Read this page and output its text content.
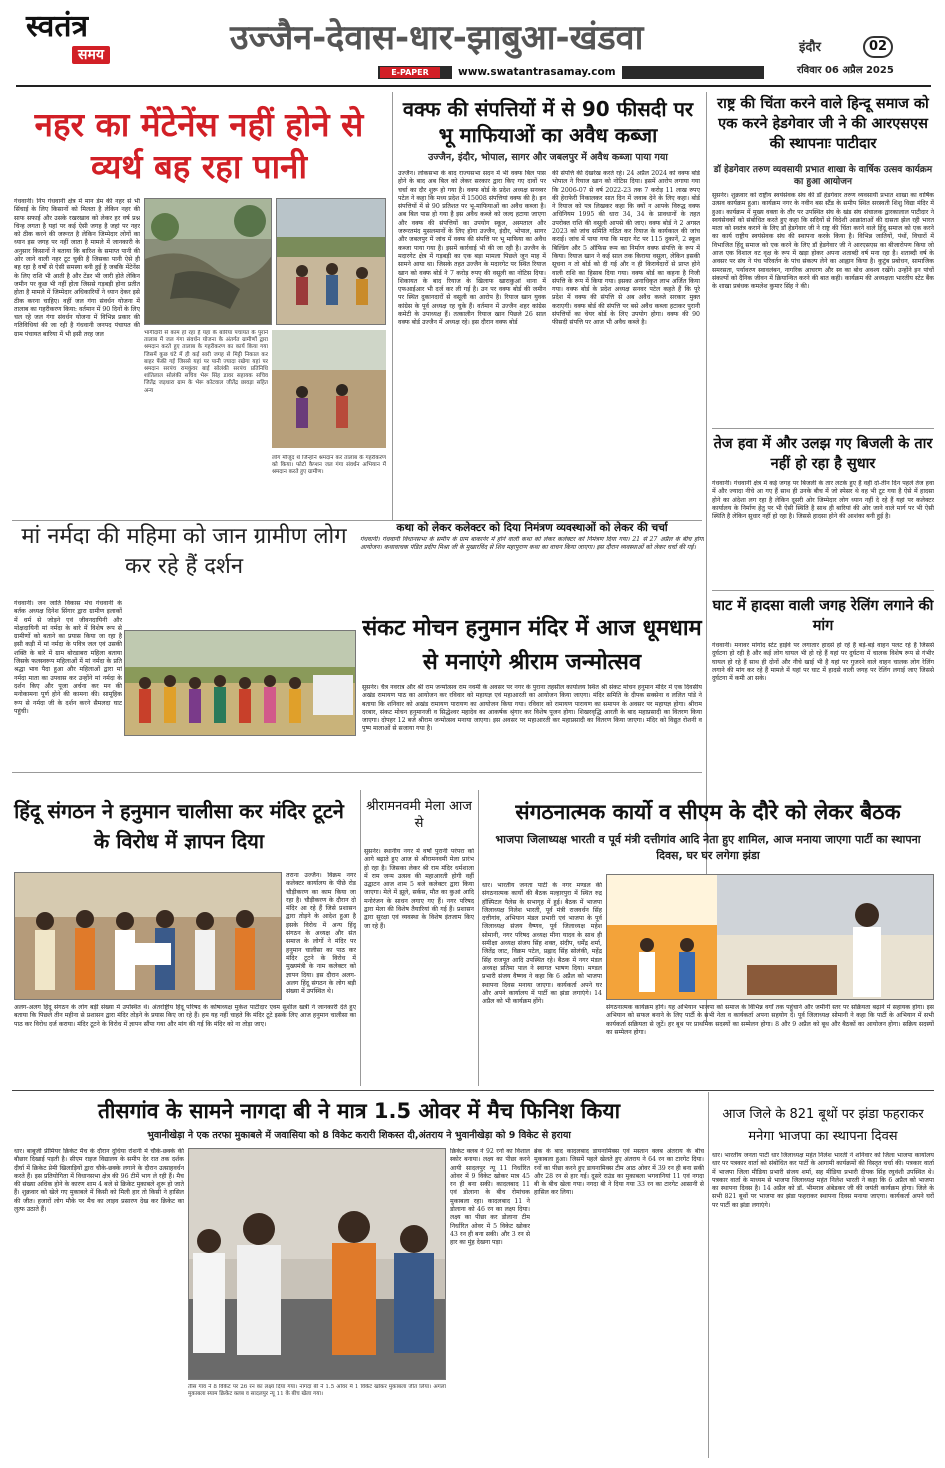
स्वतंत्र
समय	उज्जैन-देवास-धार-झाबुआ-खंडवा
E-PAPER	www.swatantrasamay.com
इंदौर	02
रविवार 06 अप्रैल 2025
नहर का मेंटेनेंस नहीं होने से व्यर्थ बह रहा पानी
गंधवानी। निप गंधवानी क्षेत्र में मान डेम की नहर से भी सिंचाई के लिए किसानों को मिलता है लेकिन नहर की साफ सफाई और उसके रखरखाव को लेकर हर वर्ष प्रश्न चिन्ह लगता है यहां पर कई ऐसी जगह है जहां पर नहर को ठीक करने की जरूरत है लेकिन जिम्मेदार लोगों का ध्यान इस जगह पर नहीं जाता है मामले में जानकारी के अनुसार किसानों ने बताया कि बारिश के समाप्त पानी की ओर जाने वाली नहर टूट चुकी है जिसका पानी ऐसे ही बह रहा है वर्षों से ऐसी समस्या बनी हुई है जबकि मेंटेनेंस के लिए राशि भी आती है और टेंडर भी जारी होते लेकिन जमीन पर कुछ भी नहीं होता जिससे गड़बड़ी होना प्रतीत होता है मामले में जिम्मेदार अधिकारियों ने ध्यान देकर इसे ठीक करना चाहिए। वहीं जल गंगा संवर्धन योजना में तालाब का गहरीकरण किया: वर्तमान में 90 दिनों के लिए चल रहे जल गंगा संवर्धन योजना में विभिन्न प्रकार की गतिविधियां की जा रही है गंधवानी जनपद पंचायत की ग्राम पंचायत बारिया में भी इसी तरह जल	भागीदारी से काम हो रहा है यहां के बारिया पंचायत के पुराने तालाब में जल गंगा संवर्धन योजना के अंतर्गत ग्रामीणों द्वारा श्रमदान करते हुए तालाब के गहरीकरण का कार्य किया गया जिसमें कुछ घंटे में ही कई सारी जगह से मिट्टी निकाल कर बाहर फेंकी गई जिससे यहां पर पानी ज्यादा रखेगा यहां पर श्रमदान सरपंच रामकुंवर बाई सोलंकी सरपंच प्रतिनिधि शांतिलाल सोलंकी सचिव भेरू सिंह डावर सहायक सचिव जितेंद्र जड़धारा ग्राम के भेरू कोटवाल जीतेंद्र छावड़ा सहित अन्य
लोग मौजूद थे जिन्होंने श्रमदान कर तालाब के गहरीकरण को किया। फोटो कैप्शन जल गंगा संवर्धन अभियान में श्रमदान करते हुए ग्रामीण।
वक्फ की संपत्तियों में से 90 फीसदी पर भू माफियाओं का अवैध कब्जा
उज्जैन, इंदौर, भोपाल, सागर और जबलपुर में अवैध कब्जा पाया गया
उज्जैन। लोकसभा के बाद राज्यसभा सदन में भी वक्फ बिल पास होने के बाद अब बिल को लेकर सरकार द्वारा किए गए दावों पर चर्चा का दौर शुरू हो गया है। वक्फ बोर्ड के प्रदेश अध्यक्ष सनव्वर पटेल ने कहा कि मध्य प्रदेश में 15008 संपत्तियां वक्फ की है। इन संपत्तियों में से 90 प्रतिशत पर भू-माफियाओं का अवैध कब्जा है। अब बिल पास हो गया है इस अवैध कब्जे को जल्द हटाया जाएगा और वक्फ की संपत्तियों का उपयोग स्कूल, अस्पताल और जरूरतमंद मुसलमानों के लिए होगा उज्जैन, इंदौर, भोपाल, सागर और जबलपुर में जांच में वक्फ की संपत्ति पर भू माफिया का अवैध कब्जा पाया गया है। इसमें कार्रवाई भी की जा रही है। उज्जैन के मदारगेट क्षेत्र में गड़बड़ी का एक बड़ा मामला पिछले जून माह में सामने आया था। जिसके तहत उज्जैन के मदारगेट पर स्थित रियाज खान को वक्फ बोर्ड ने 7 करोड़ रुपए की वसूली का नोटिस दिया। शिकायत के बाद रियाज के खिलाफ खाराकुआं थाना में एफआईआर भी दर्ज कर ली गई है। उन पर वक्फ बोर्ड की जमीन पर स्थित दुकानदारों से वसूली का आरोप है। रियाज खान युवक कांग्रेस के पूर्व अध्यक्ष रह चुके हैं। वर्तमान में उज्जैन शहर कांग्रेस कमेटी के उपाध्यक्ष हैं। तत्कालीन रियाज खान पिछले 26 साल वक्फ बोर्ड उज्जैन में अध्यक्ष रहे। इस दौरान वक्फ बोर्ड
की संपत्ति की देखरेख करते रहे। 24 अप्रैल 2024 को वक्फ बोर्ड भोपाल ने रियाज खान को नोटिस दिया। इसमें आरोप लगाया गया कि 2006-07 से वर्ष 2022-23 तक 7 करोड़ 11 लाख रुपए की हेराफेरी निकालकर सात दिन में जवाब देने के लिए कहा। बोर्ड ने रियाज को पत्र लिखकर कहा कि क्यों न आपके विरुद्ध वक्फ अधिनियम 1995 की धारा 34, 34 के प्रावधानों के तहत उपरोक्त राशि की वसूली आपसे की जाए। वक्फ बोर्ड ने 2 अगस्त 2023 को जांच समिति गठित कर रियाज के कार्यकाल की जांच कराई। जांच में पाया गया कि मदार गेट पर 115 दुकानें, 2 स्कूल बिल्डिंग और 5 ऑफिस रूम का निर्माण वक्फ संपत्ति के रूप में किया। रियाज खान ने कई साल तक किराया वसूला, लेकिन इसकी सूचना न तो बोर्ड को दी गई और न ही किरायेदारों से प्राप्त होने वाली राशि का हिसाब दिया गया। वक्फ बोर्ड का कहना है निजी संपत्ति के रूप में किया गया। इसका अनाधिकृत लाभ अर्जित किया गया। वक्फ बोर्ड के प्रदेश अध्यक्ष सनवर पटेल कहते हैं कि पूरे प्रदेश में वक्फ की संपत्ति से अब अवैध कब्जे सरकार मुक्त कराएगी। वक्फ बोर्ड की संपत्ति पर बसे अवैध कब्जा हटाकर पुरानी संपत्तियों का चेयर बोर्ड के लिए उपयोग होगा। वक्फ की 90 फीसदी संपत्ति पर आज भी अवैध कब्जे है।
राष्ट्र की चिंता करने वाले हिन्दू समाज को एक करने हेडगेवार जी ने की आरएसएस की स्थापनाः पाटीदार
डॉ हेडगेवार तरुण व्यवसायी प्रभात शाखा के वार्षिक उत्सव कार्यक्रम का हुआ आयोजन
सुसनेर। शुक्रवार को राष्ट्रीय स्वयंसेवक संघ की डॉ हेडगेवार तरुण व्यवसायी प्रभात शाखा का वार्षिक उत्सव कार्यक्रम हुआ। कार्यक्रम नगर के नवीन बस स्टैंड के समीप स्थित सरस्वती शिशु विद्या मंदिर में हुआ। कार्यक्रम में मुख्य वक्ता के तौर पर उपस्थित संघ के खंड संघ संचालक द्वारकालाल पाटीदार ने स्वयंसेवकों को संबोधित करते हुए कहा कि सदियों से विदेशी आक्रांताओं की दासता झेल रही भारत माता को स्वतंत्र कराने के लिए डॉ हेडगेवार जी ने राष्ट्र की चिंता करने वाले हिंदू समाज को एक करने का कार्य राष्ट्रीय स्वयंसेवक संघ की स्थापना करके किया है। विभिन्न जातियों, पंथों, विचारों में विभाजित हिंदू समाज को एक करने के लिए डॉ हेडगेवार जी ने आरएसएस का बीजारोपण किया जो आज एक विशाल वट वृक्ष के रूप में खड़ा होकर अपना शताब्दी वर्ष मना रहा है। शताब्दी वर्ष के अवसर पर संघ ने पंच परिवर्तन के पांच संकल्प लेने का आह्वान किया है। कुटुंब प्रबोधन, सामाजिक समरसता, पर्यावरण स्वावलंबन, नागरिक आचरण और स्व का बोध अवश्य रखेंगे। उन्होंने इन पांचों संकल्पों को दैनिक जीवन में क्रियान्वित करने की बात कही। कार्यक्रम की अध्यक्षता भारतीय स्टेट बैंक के शाखा प्रबंधक कमलेश कुमार सिंह ने की।
तेज हवा में और उलझ गए बिजली के तार नहीं हो रहा है सुधार
गंधवानी। गंधवानी क्षेत्र में कई जगह पर बिजली के तार लटके हुए हैं वहीं दो-तीन दिन पहले तेज हवा में और ज्यादा नीचे आ गए हैं साथ ही उनके बीच में जो स्पेसर थे वह भी टूट गया है ऐसे में हादसा होने का अंदेशा लग रहा है लेकिन दूसरी ओर जिम्मेदार लोग ध्यान नहीं दे रहे हैं यहां पर कलेक्टर कार्यालय के निर्माण हेतु पर भी ऐसी स्थिति है साथ ही बारियां की ओर जाने वाले मार्ग पर भी ऐसी स्थिति है लेकिन सुधार नहीं हो रहा है। जिससे हादसा होने की आशंका बनी हुई है।
घाट में हादसा वाली जगह रेलिंग लगाने की मांग
गंधवानी। मनावर मांगोद स्टेट हाईवे पर लगातार हादसे हो रहे हैं बड़े-बड़े वाहन पलट रहे हैं जिससे दुर्घटना हो रही है और कई लोग घायल भी हो रहे हैं यहां पर दुर्घटना में चालक विशेष रूप से गंभीर घायल हो रहे हैं साथ ही दोनों और नीचे खाई भी है यहां पर गुजरने वाले वाहन चालक लोग रेलिंग लगाने की मांग कर रहे हैं मामले में यहां पर घाट में हादसे वाली जगह पर रेलिंग लगाई जाए जिससे दुर्घटना में कमी आ सके।
कथा को लेकर कलेक्टर को दिया निमंत्रण व्यवस्थाओं को लेकर की चर्चा
गंधवानी। गंधवानी विधानसभा के समीप के ग्राम बाकानेर में होने वाली कथा को लेकर कलेक्टर को निमंत्रण दिया गया। 21 से 27 अप्रैल के बीच होगा आयोजन। कथावाचक पंडित प्रदीप मिश्रा जी के मुखारविंद से शिव महापुराण कथा का वाचन किया जाएगा। इस दौरान व्यवस्थाओं को लेकर चर्चा की गई।
मां नर्मदा की महिमा को जान ग्रामीण लोग कर रहे हैं दर्शन
गंधवानी। जन जाति विकास मंच गंधवानी के बर्तक अध्यक्ष दिनेश सिंगार द्वारा ग्रामीण इलाकों में धर्म से जोड़ने एवं जीवनदायिनी और मोक्षदायिनी मां नर्मदा के बारे में विशेष रूप से ग्रामीणों को बताने का प्रयास किया जा रहा है इसी कड़ी में मां नर्मदा के पवित्र जल एवं उसकी शक्ति के बारे में ग्राम बोरडाबरा महिला बताया जिसके फलस्वरूप महिलाओं में मां नर्मदा के प्रति श्रद्धा भाव पैदा हुआ और महिलाओं द्वारा मां नर्मदा माता का उपवास कर उन्होंने मां नर्मदा के दर्शन किए और पूजा अर्चना कर मन की मनोकामना पूर्ण होने की कामना की। सामूहिक रूप से नर्मदा जी के दर्शन करने सैमलदा घाट पहुंची।
संकट मोचन हनुमान मंदिर में आज धूमधाम से मनाएंगे श्रीराम जन्मोत्सव
सुसनेर। चैत्र नवरात्र और श्री राम जन्मोत्सव राम नवमी के अवसर पर नगर के पुराना तहसील कार्यालय स्थित श्री संकट मोचन हनुमान मंदिर में एक दिवसीय अखंड रामायण पाठ का आयोजन कर रविवार को महायज्ञ एवं महाआरती का आयोजन किया जाएगा। मंदिर समिति के दीपक सक्सेना व ललित पांडे ने बताया कि शनिवार को अखंड रामायण पारायण का आयोजन किया गया। रविवार को रामायण पारायण का समापन के अवसर पर महायज्ञ होगा। श्रीराम दरबार, संकट मोचन हनुमानजी व सिद्धेश्वर महादेव का आकर्षक श्रृंगार कर विशेष पूजन होगा। शिखरवृद्धि आरती के बाद महाप्रसादी का वितरण किया जाएगा। दोपहर 12 बजे श्रीराम जन्मोत्सव मनाया जाएगा। इस अवसर पर महाआरती कर महाप्रसादी का वितरण किया जाएगा। मंदिर को विद्युत रोशनी व पुष्प मालाओं से सजाया गया है।
हिंदू संगठन ने हनुमान चालीसा कर मंदिर टूटने के विरोध में ज्ञापन दिया
तराना उज्जैन। विक्रम नगर कलेक्टर कार्यालय के पीछे रोड चौड़ीकरण का काम किया जा रहा है। चौड़ीकरण के दौरान दो मंदिर आ रहे हैं जिसे प्रशासन द्वारा तोड़ने के आदेश हुआ है इसके विरोध में अन्य हिंदू संगठन के अध्यक्ष और संत समाज के लोगों ने मंदिर पर हनुमान चालीसा का पाठ कर मंदिर टूटने के विरोध में मुख्यमंत्री के नाम कलेक्टर को ज्ञापन दिया। इस दौरान अलग-अलग हिंदू संगठन के लोग बड़ी संख्या में उपस्थित थे।
अलग-अलग हिंदू संगठन के लोग बड़ी संख्या में उपस्थित थे। अंतर्राष्ट्रीय हिंदू परिषद के कोषाध्यक्ष मुकेश पाटीदार एवम सुशील खत्री ने जानकारी देते हुए बताया कि पिछले तीन महीना से प्रशासन द्वारा मंदिर तोड़ने के प्रयास किए जा रहे हैं। हम यह नहीं चाहते कि मंदिर टूटे इसके लिए आज हनुमान चालीसा का पाठ कर विरोध दर्ज कराया। मंदिर टूटने के विरोध में ज्ञापन सौंपा गया और मांग की गई कि मंदिर को ना तोड़ा जाए।
श्रीरामनवमी मेला आज से
सुसनेर। स्थानीय नगर में वर्षों पुरानी परंपरा को आगे बढ़ाते हुए आज से श्रीरामनवमी मेला प्रारंभ हो रहा है। जिसका लेकर श्री राम मंदिर धर्मशाला में राम जन्म उत्सव की महाआरती होगी वहीं उद्घाटन आज शाम 5 बजे कलेक्टर द्वारा किया जाएगा। मेले में झूले, सर्कस, मौत का कुआं आदि मनोरंजन के साधन लगाए गए हैं। नगर परिषद द्वारा मेला की विशेष तैयारियां की गई हैं। प्रशासन द्वारा सुरक्षा एवं व्यवस्था के विशेष इंतजाम किए जा रहे हैं।
संगठनात्मक कार्यो व सीएम के दौरे को लेकर बैठक
भाजपा जिलाध्यक्ष भारती व पूर्व मंत्री दत्तीगांव आदि नेता हुए शामिल, आज मनाया जाएगा पार्टी का स्थापना दिवस, घर घर लगेगा झंडा
धार। भारतीय जनता पार्टी के नगर मण्डल की संगठनात्मक कार्यों की बैठक मल्हारपुरा में स्थित रुद्र हॉस्पिटल पैलेस के सभागृह में हुई। बैठक में भाजपा जिलाध्यक्ष निलेश भारती, पूर्व मंत्री राजवर्धन सिंह दत्तीगांव, अभियान मंडल प्रभारी एवं भाजपा के पूर्व जिलाध्यक्ष संजय वैष्णव, पूर्व जिलाध्यक्ष महेश सोमानी, नगर परिषद अध्यक्ष मीना यादव के साथ ही समीक्षा अध्यक्ष संजय सिंह शक्त, संदीप, धर्मेंद्र शर्मा, जितेंद्र जाट, विक्रम पटेल, प्रह्लाद सिंह सोलंकी, महेंद्र सिंह राजपूत आदि उपस्थित रहे। बैठक में नगर मंडल अध्यक्ष प्रतिमा पाल ने स्वागत भाषण दिया। मण्डल प्रभारी संजय वैष्णव ने कहा कि 6 अप्रैल को भाजपा स्थापना दिवस मनाया जाएगा। कार्यकर्ता अपने घर और अपने कार्यालय में पार्टी का झंडा लगाएंगे। 14 अप्रैल को भी कार्यक्रम होंगे।
संगठनात्मक कार्यक्रम होंगे। यह अभियान भाजपा को समाज के विभिन्न वर्गों तक पहुंचाने और जमीनी स्तर पर सक्रियता बढ़ाने में सहायक होगा। इस अभियान को सफल बनाने के लिए पार्टी के सभी नेता व कार्यकर्ता अपना सहयोग दें। पूर्व जिलाध्यक्ष सोमानी ने कहा कि पार्टी के अभियान में सभी कार्यकर्ता सक्रियता से जुटें। हर बूथ पर प्राथमिक सदस्यों का सम्मेलन होगा। 8 और 9 अप्रैल को बूथ और बैठकों का आयोजन होगा। सक्रिय सदस्यों का सम्मेलन होगा।
तीसगांव के सामने नागदा बी ने मात्र 1.5 ओवर में मैच फिनिश किया
भुवानीखेड़ा ने एक तरफा मुकाबले में जवासिया को 8 विकेट करारी शिकस्त दी,अंतराय ने भुवानीखेड़ा को 9 विकेट से हराया
धार। बाबूजी प्रीमियर क्रिकेट मैच के दौरान दुधिया रोशनी में चौके-छक्के की बौछार दिखाई पड़ती है। सीएम राइज विद्यालय के समीप देर रात तक दर्शक दीर्घा में क्रिकेट प्रेमी खिलाड़ियों द्वारा चौके-छक्के लगाने के दौरान उत्साहवर्धन करते हैं। इस प्रतियोगिता में विधानसभा क्षेत्र की 96 टीमें भाग ले रही हैं। मैच की संख्या अधिक होने के कारण शाम 4 बजे से क्रिकेट मुकाबले शुरू हो जाते हैं। शुक्रवार को खेले गए मुकाबले में किसी को मिली हार तो किसी ने हासिल की जीत। हजारों लोग मौके पर मैच का लाइव प्रसारण देख कर क्रिकेट का लुत्फ उठाते हैं।
तीस गांव ने 8 विकेट पर 26 रन का लक्ष्य दिया गया। नागदा बी ने 1.5 ओवर में 1 विकेट खोकर मुकाबला जीत लिया। अगला मुकाबला स्याम क्रिकेट क्लब व सादलपुर न्यू 11 के बीच खेला गया।
क्रिकेट क्लब ने 92 रनों का विशाल स्कोर बनाया। लक्ष्य का पीछा करने आयी सादलपुर न्यू 11 निर्धारित ओवर में 9 विकेट खोकर मात्र 45 रन ही बना सकी। कादलबाद 11 एवं डोलाना के बीच रोमांचक मुकाबला रहा। कादलबाद 11 ने डोलाना को 46 रन का लक्ष्य दिया। लक्ष्य का पीछा कर डोलाना टीम निर्धारित ओवर में 5 विकेट खोकर 43 रन ही बना सकी। और 3 रन से हार का मुंह देखना पड़ा।
ब्रेक के बाद कादलबाद डायनामिक्स एवं मस्तान क्लब अंतराय के बीच मुकाबला हुआ। जिसमें पहले खेलते हुए अंतराय ने 64 रन का टारगेट दिया। रनों का पीछा करने हुए डायनामिक्स टीम आठ ओवर में 39 रन ही बना सकी और 28 रन से हार गई। दूसरे राउंड का मुकाबला भगवानियां 11 एवं नगदा बी के बीच खेला गया। नगदा बी ने दिया गया 33 रन का टारगेट आसानी से हासिल कर लिया।
आज जिले के 821 बूथों पर झंडा फहराकर मनेगा भाजपा का स्थापना दिवस
धार। भारतीय जनता पार्टी धार जिलाध्यक्ष महंत निलेश भारती ने शनिवार को जिला भाजपा कार्यालय धार पर पत्रकार वार्ता को संबोधित कर पार्टी के आगामी कार्यक्रमों की विस्तृत चर्चा की। पत्रकार वार्ता में भाजपा जिला मीडिया प्रभारी संजय शर्मा, सह मीडिया प्रभारी दीपक सिंह रघुवंशी उपस्थित थे। पत्रकार वार्ता के माध्यम से भाजपा जिलाध्यक्ष महंत निलेश भारती ने कहा कि 6 अप्रैल को भाजपा का स्थापना दिवस है। 14 अप्रैल को डॉ. भीमराव अंबेडकर जी की जयंती कार्यक्रम होगा। जिले के सभी 821 बूथों पर भाजपा का झंडा फहराकर स्थापना दिवस मनाया जाएगा। कार्यकर्ता अपने घरों पर पार्टी का झंडा लगाएंगे।
